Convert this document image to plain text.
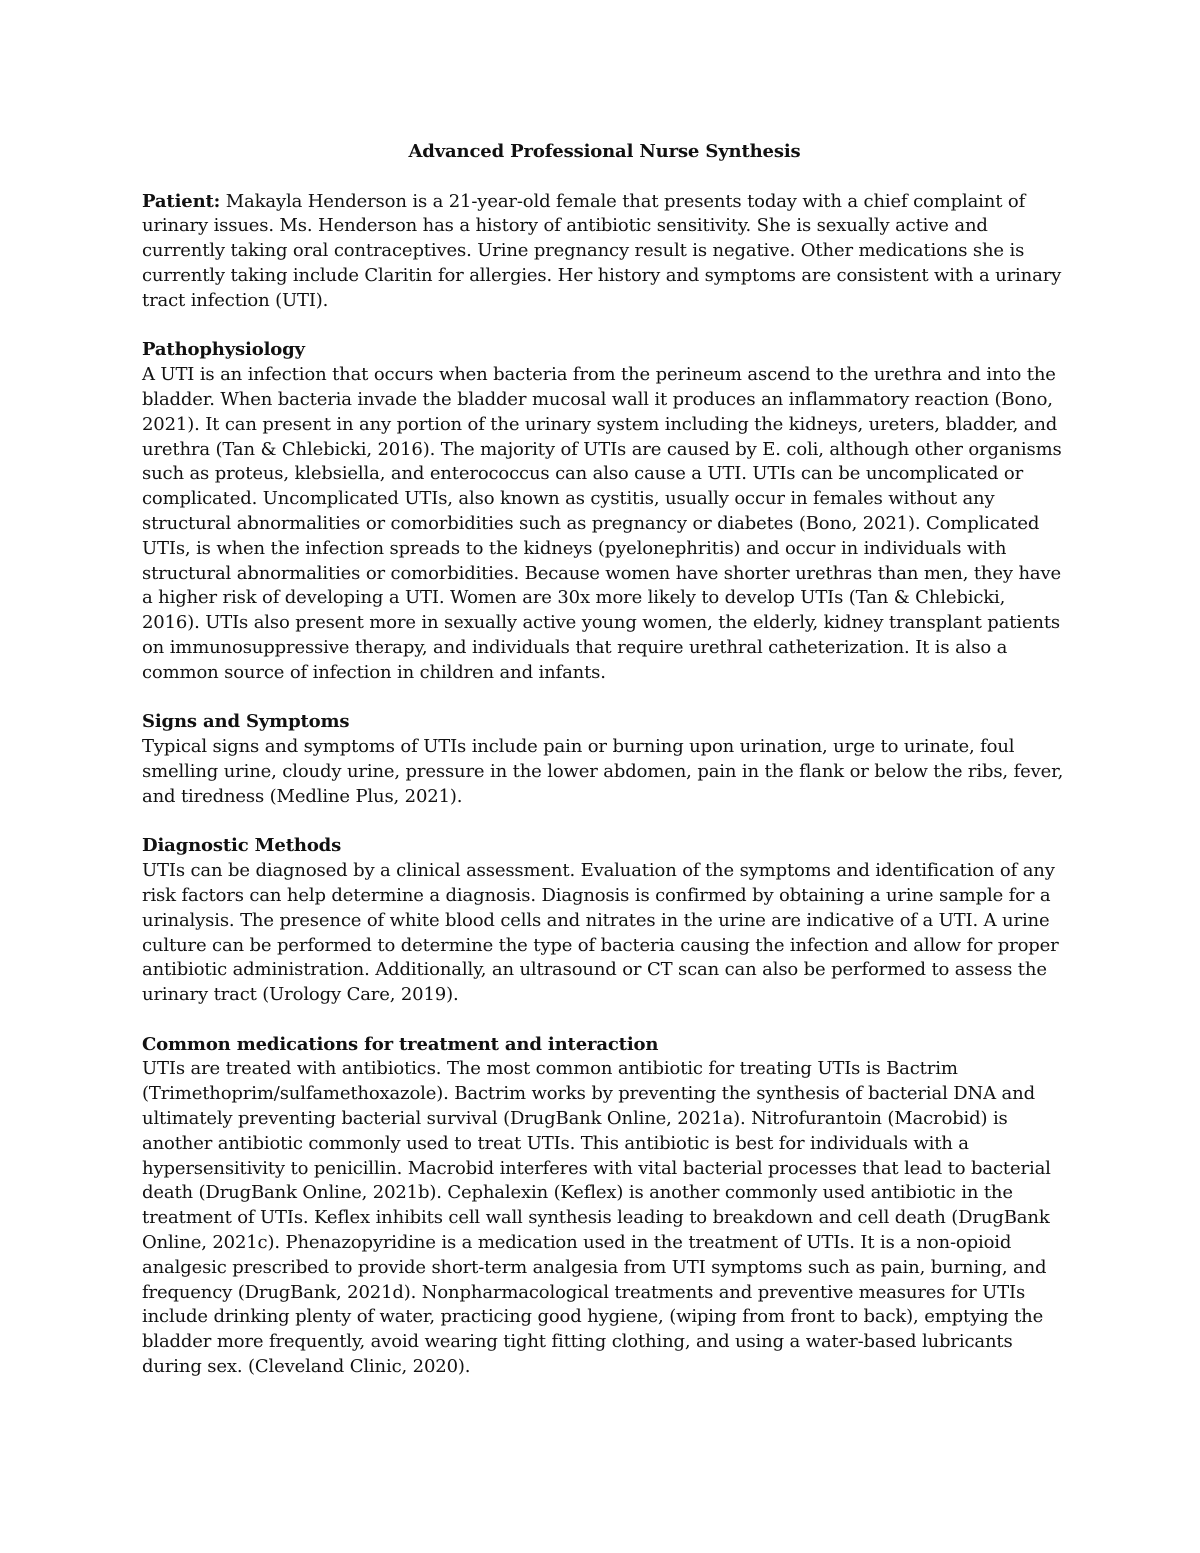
Advanced Professional Nurse Synthesis

Patient: Makayla Henderson is a 21-year-old female that presents today with a chief complaint of urinary issues. Ms. Henderson has a history of antibiotic sensitivity. She is sexually active and currently taking oral contraceptives. Urine pregnancy result is negative. Other medications she is currently taking include Claritin for allergies. Her history and symptoms are consistent with a urinary tract infection (UTI).

Pathophysiology

A UTI is an infection that occurs when bacteria from the perineum ascend to the urethra and into the bladder. When bacteria invade the bladder mucosal wall it produces an inflammatory reaction (Bono, 2021). It can present in any portion of the urinary system including the kidneys, ureters, bladder, and urethra (Tan & Chlebicki, 2016). The majority of UTIs are caused by E. coli, although other organisms such as proteus, klebsiella, and enterococcus can also cause a UTI. UTIs can be uncomplicated or complicated. Uncomplicated UTIs, also known as cystitis, usually occur in females without any structural abnormalities or comorbidities such as pregnancy or diabetes (Bono, 2021). Complicated UTIs, is when the infection spreads to the kidneys (pyelonephritis) and occur in individuals with structural abnormalities or comorbidities. Because women have shorter urethras than men, they have a higher risk of developing a UTI. Women are 30x more likely to develop UTIs (Tan & Chlebicki, 2016). UTIs also present more in sexually active young women, the elderly, kidney transplant patients on immunosuppressive therapy, and individuals that require urethral catheterization. It is also a common source of infection in children and infants.

Signs and Symptoms

Typical signs and symptoms of UTIs include pain or burning upon urination, urge to urinate, foul smelling urine, cloudy urine, pressure in the lower abdomen, pain in the flank or below the ribs, fever, and tiredness (Medline Plus, 2021).

Diagnostic Methods

UTIs can be diagnosed by a clinical assessment. Evaluation of the symptoms and identification of any risk factors can help determine a diagnosis. Diagnosis is confirmed by obtaining a urine sample for a urinalysis. The presence of white blood cells and nitrates in the urine are indicative of a UTI. A urine culture can be performed to determine the type of bacteria causing the infection and allow for proper antibiotic administration. Additionally, an ultrasound or CT scan can also be performed to assess the urinary tract (Urology Care, 2019).

Common medications for treatment and interaction

UTIs are treated with antibiotics. The most common antibiotic for treating UTIs is Bactrim (Trimethoprim/sulfamethoxazole). Bactrim works by preventing the synthesis of bacterial DNA and ultimately preventing bacterial survival (DrugBank Online, 2021a). Nitrofurantoin (Macrobid) is another antibiotic commonly used to treat UTIs. This antibiotic is best for individuals with a hypersensitivity to penicillin. Macrobid interferes with vital bacterial processes that lead to bacterial death (DrugBank Online, 2021b). Cephalexin (Keflex) is another commonly used antibiotic in the treatment of UTIs. Keflex inhibits cell wall synthesis leading to breakdown and cell death (DrugBank Online, 2021c). Phenazopyridine is a medication used in the treatment of UTIs. It is a non-opioid analgesic prescribed to provide short-term analgesia from UTI symptoms such as pain, burning, and frequency (DrugBank, 2021d). Nonpharmacological treatments and preventive measures for UTIs include drinking plenty of water, practicing good hygiene, (wiping from front to back), emptying the bladder more frequently, avoid wearing tight fitting clothing, and using a water-based lubricants during sex. (Cleveland Clinic, 2020).
